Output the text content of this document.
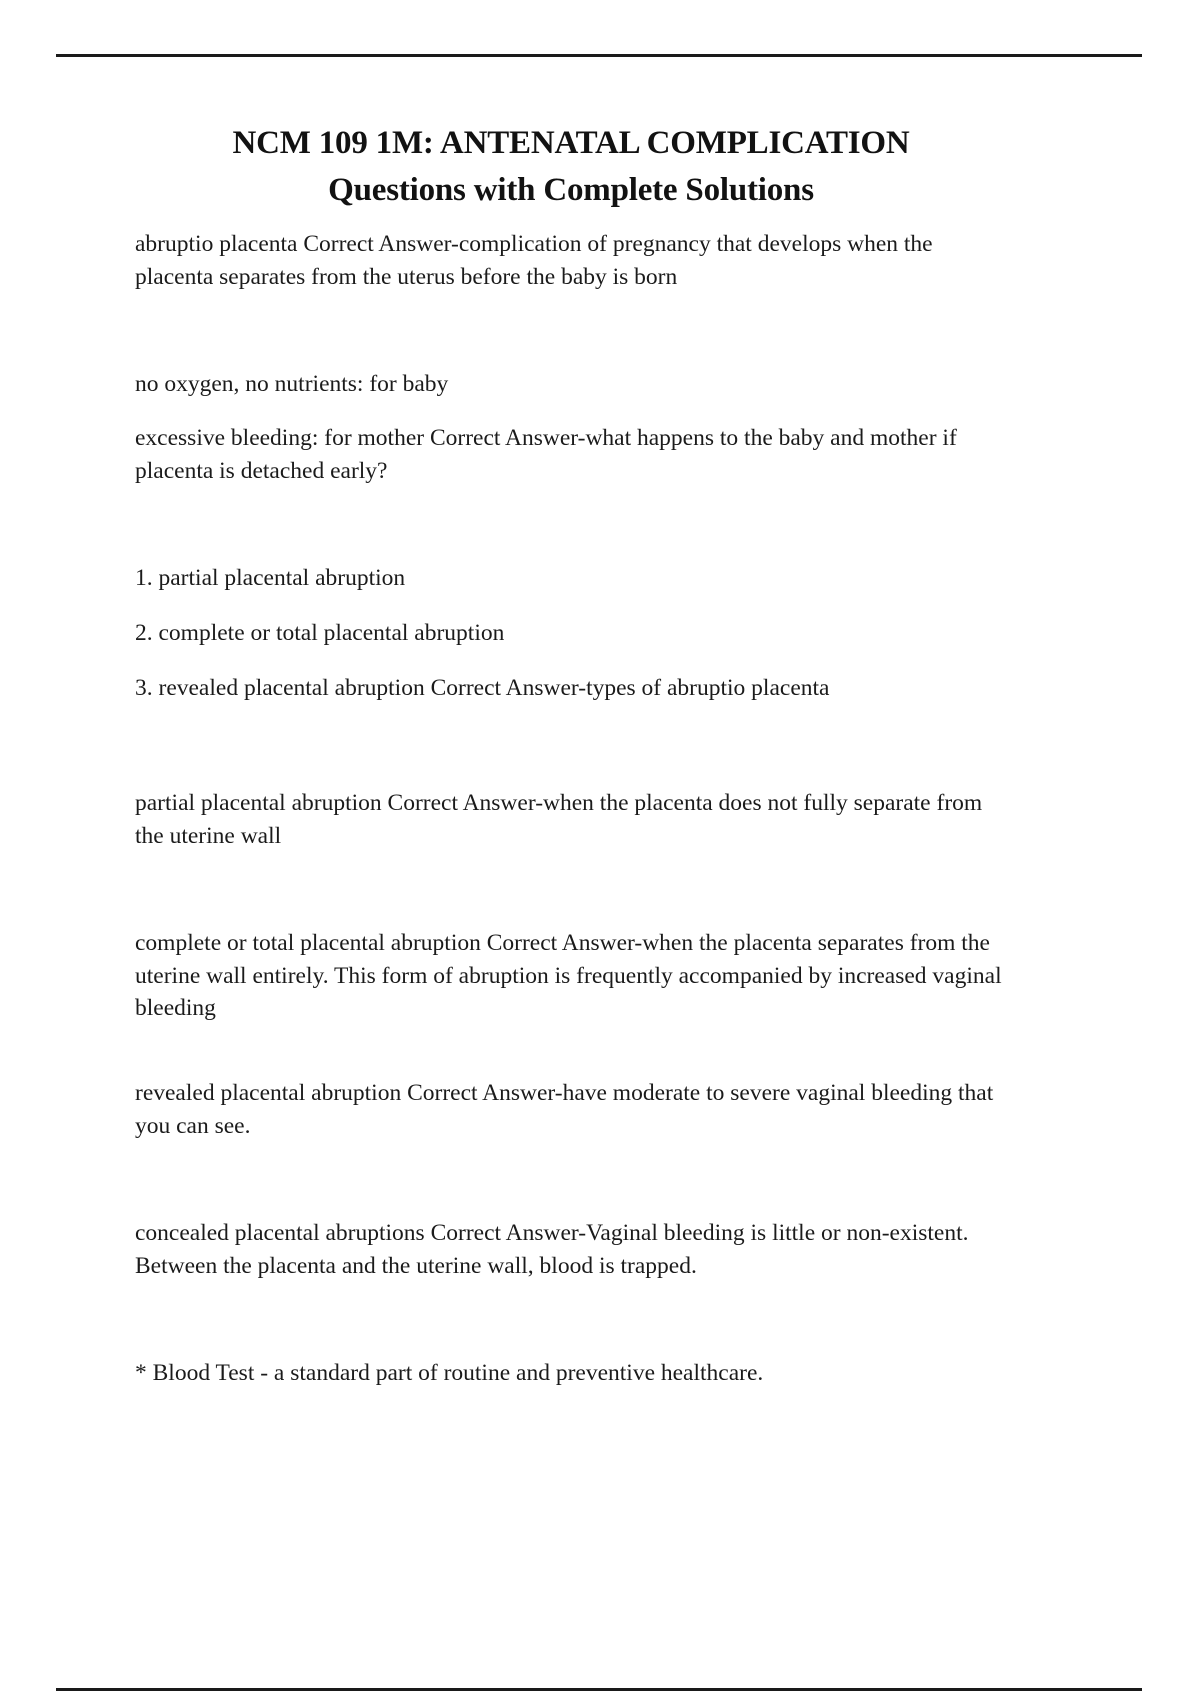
NCM 109 1M: ANTENATAL COMPLICATION
Questions with Complete Solutions

abruptio placenta Correct Answer-complication of pregnancy that develops when the placenta separates from the uterus before the baby is born

no oxygen, no nutrients: for baby

excessive bleeding: for mother Correct Answer-what happens to the baby and mother if placenta is detached early?

1. partial placental abruption

2. complete or total placental abruption

3. revealed placental abruption Correct Answer-types of abruptio placenta

partial placental abruption Correct Answer-when the placenta does not fully separate from the uterine wall

complete or total placental abruption Correct Answer-when the placenta separates from the uterine wall entirely. This form of abruption is frequently accompanied by increased vaginal bleeding

revealed placental abruption Correct Answer-have moderate to severe vaginal bleeding that you can see.

concealed placental abruptions Correct Answer-Vaginal bleeding is little or non-existent. Between the placenta and the uterine wall, blood is trapped.

* Blood Test - a standard part of routine and preventive healthcare.
